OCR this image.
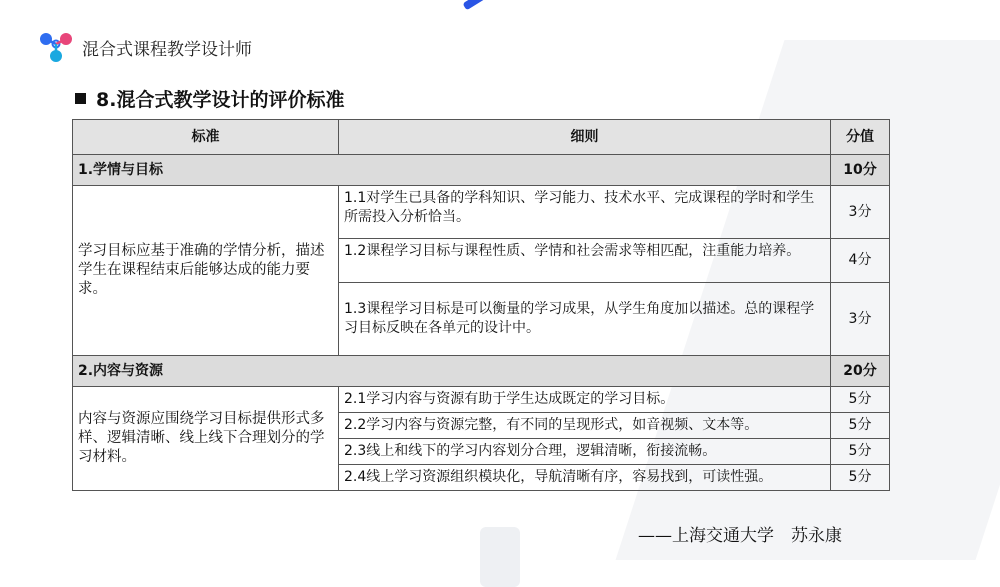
混合式课程教学设计师
8.混合式教学设计的评价标准
标准	细则	分值
1.学情与目标		10分
学习目标应基于准确的学情分析，描述学生在课程结束后能够达成的能力要求。	1.1对学生已具备的学科知识、学习能力、技术水平、完成课程的学时和学生所需投入分析恰当。	3分
	1.2课程学习目标与课程性质、学情和社会需求等相匹配，注重能力培养。	4分
	1.3课程学习目标是可以衡量的学习成果，从学生角度加以描述。总的课程学习目标反映在各单元的设计中。	3分
2.内容与资源		20分
内容与资源应围绕学习目标提供形式多样、逻辑清晰、线上线下合理划分的学习材料。	2.1学习内容与资源有助于学生达成既定的学习目标。	5分
	2.2学习内容与资源完整，有不同的呈现形式，如音视频、文本等。	5分
	2.3线上和线下的学习内容划分合理，逻辑清晰，衔接流畅。	5分
	2.4线上学习资源组织模块化，导航清晰有序，容易找到，可读性强。	5分
——上海交通大学　苏永康
